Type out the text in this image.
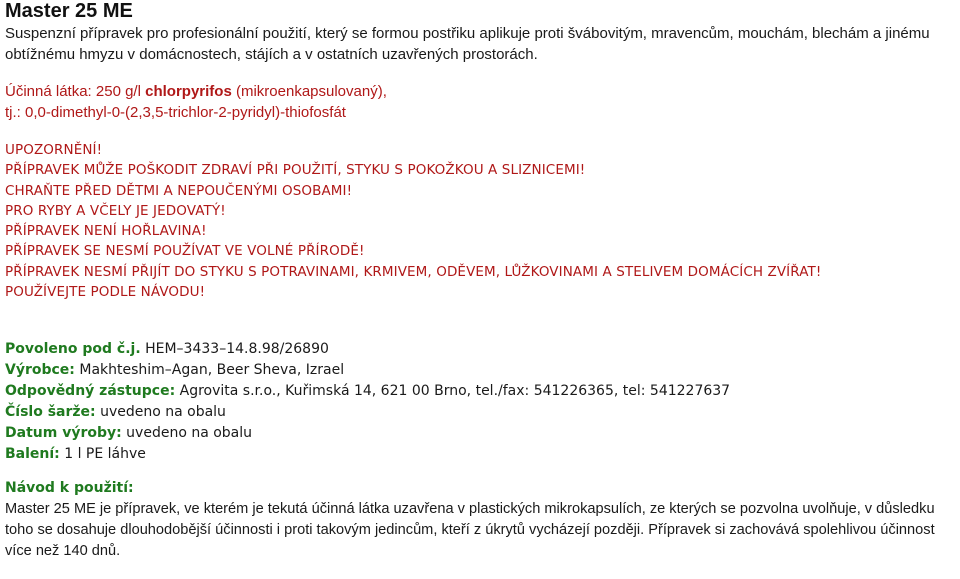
Master 25 ME

Suspenzní přípravek pro profesionální použití, který se formou postřiku aplikuje proti švábovitým, mravencům, mouchám, blechám a jinému obtížnému hmyzu v domácnostech, stájích a v ostatních uzavřených prostorách.

Účinná látka: 250 g/l chlorpyrifos (mikroenkapsulovaný),

tj.: 0,0-dimethyl-0-(2,3,5-trichlor-2-pyridyl)-thiofosfát

UPOZORNĚNÍ!

PŘÍPRAVEK MŮŽE POŠKODIT ZDRAVÍ PŘI POUŽITÍ, STYKU S POKOŽKOU A SLIZNICEMI!

CHRAŇTE PŘED DĚTMI A NEPOUČENÝMI OSOBAMI!

PRO RYBY A VČELY JE JEDOVATÝ!

PŘÍPRAVEK NENÍ HOŘLAVINA!

PŘÍPRAVEK SE NESMÍ POUŽÍVAT VE VOLNÉ PŘÍRODĚ!

PŘÍPRAVEK NESMÍ PŘIJÍT DO STYKU S POTRAVINAMI, KRMIVEM, ODĚVEM, LŮŽKOVINAMI A STELIVEM DOMÁCÍCH ZVÍŘAT!

POUŽÍVEJTE PODLE NÁVODU!

Povoleno pod č.j. HEM–3433–14.8.98/26890

Výrobce: Makhteshim–Agan, Beer Sheva, Izrael

Odpovědný zástupce: Agrovita s.r.o., Kuřimská 14, 621 00 Brno, tel./fax: 541226365, tel: 541227637

Číslo šarže: uvedeno na obalu

Datum výroby: uvedeno na obalu

Balení: 1 l PE láhve

Návod k použití:

Master 25 ME je přípravek, ve kterém je tekutá účinná látka uzavřena v plastických mikrokapsulích, ze kterých se pozvolna uvolňuje, v důsledku toho se dosahuje dlouhodobější účinnosti i proti takovým jedincům, kteří z úkrytů vycházejí později. Přípravek si zachovává spolehlivou účinnost více než 140 dnů.
